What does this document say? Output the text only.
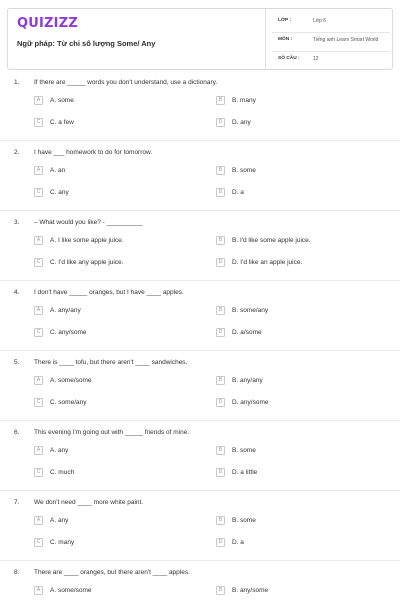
QUIZIZZ
Ngữ pháp: Từ chỉ số lượng Some/ Any
LỚP :	Lớp 6
MÔN :	Tiếng anh Learn Smart World
SỐ CÂU :	12
1. If there are _____ words you don't understand, use a dictionary.
A	A. some	B	B. many
C	C. a few	D	D. any
2. I have ___ homework to do for tomorrow.
A	A. an	B	B. some
C	C. any	D	D. a
3. – What would you like? - __________
A	A. I like some apple juice.	B	B. I'd like some apple juice.
C	C. I'd like any apple juice.	D	D. I'd like an apple juice.
4. I don't have _____ oranges, but I have ____ apples.
A	A. any/any	B	B. some/any
C	C. any/some	D	D. a/some
5. There is ____ tofu, but there aren't ____ sandwiches.
A	A. some/some	B	B. any/any
C	C. some/any	D	D. any/some
6. This evening I'm going out with _____ friends of mine.
A	A. any	B	B. some
C	C. much	D	D. a little
7. We don't need ____ more white paint.
A	A. any	B	B. some
C	C. many	D	D. a
8. There are ____ oranges, but there aren't ____ apples.
A	A. some/some	B	B. any/some
